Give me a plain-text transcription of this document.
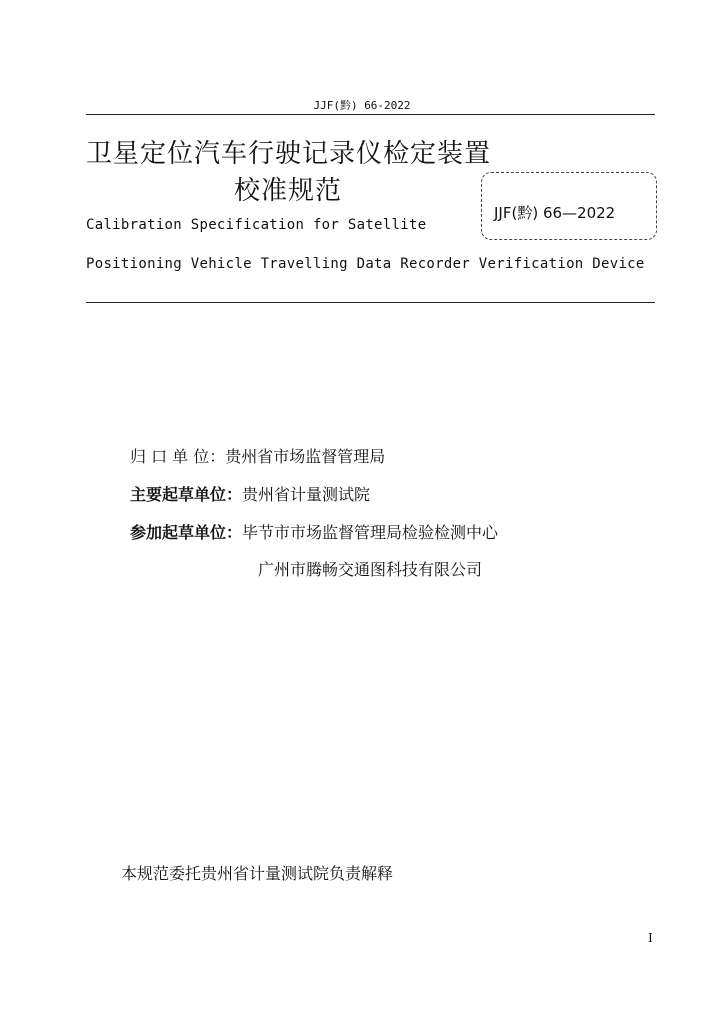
JJF(黔) 66-2022
卫星定位汽车行驶记录仪检定装置
校准规范
JJF(黔) 66—2022
Calibration Specification for Satellite
Positioning Vehicle Travelling Data Recorder Verification Device
归 口 单 位：贵州省市场监督管理局
主要起草单位：贵州省计量测试院
参加起草单位：毕节市市场监督管理局检验检测中心
广州市腾畅交通图科技有限公司
本规范委托贵州省计量测试院负责解释
I
